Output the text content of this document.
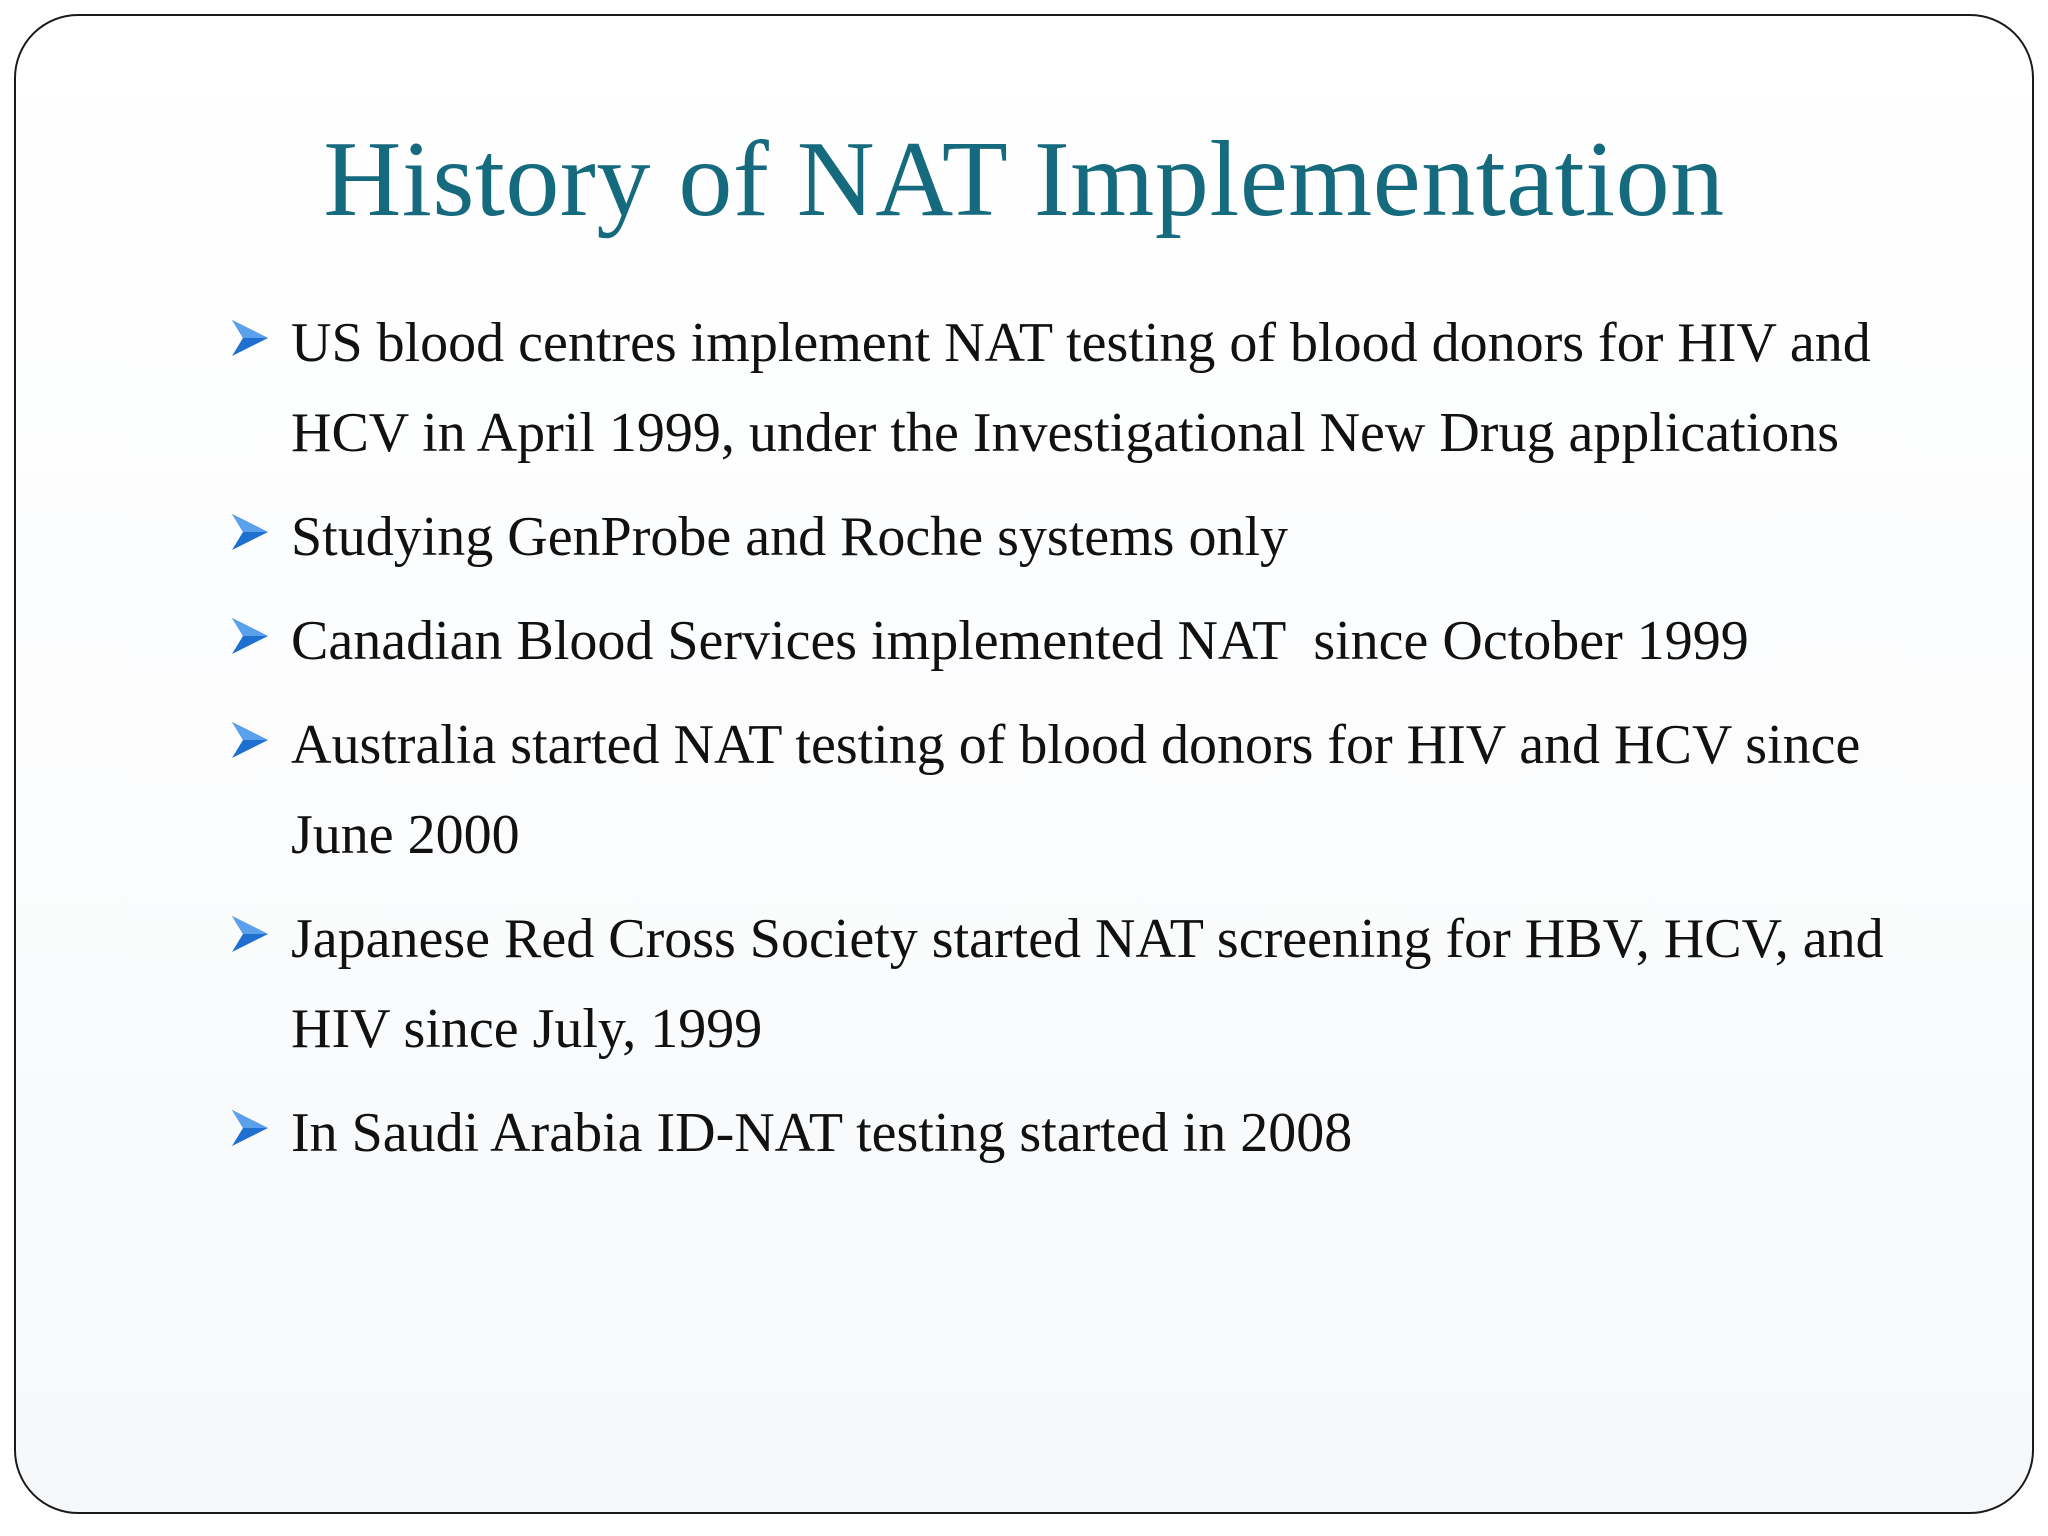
History of NAT Implementation
US blood centres implement NAT testing of blood donors for HIV and HCV in April 1999, under the Investigational New Drug applications
Studying GenProbe and Roche systems only
Canadian Blood Services implemented NAT  since October 1999
Australia started NAT testing of blood donors for HIV and HCV since June 2000
Japanese Red Cross Society started NAT screening for HBV, HCV, and HIV since July, 1999
In Saudi Arabia ID-NAT testing started in 2008
